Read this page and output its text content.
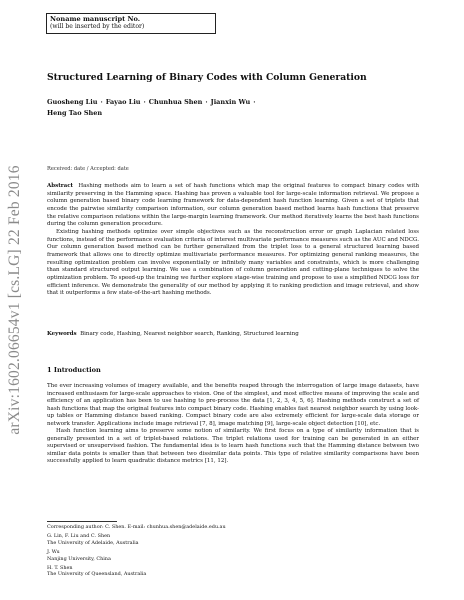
arXiv:1602.06654v1 [cs.LG] 22 Feb 2016
Noname manuscript No.
(will be inserted by the editor)
Structured Learning of Binary Codes with Column Generation
Guosheng Liu · Fayao Liu · Chunhua Shen · Jianxin Wu ·
Heng Tao Shen
Received: date / Accepted: date

Abstract Hashing methods aim to learn a set of hash functions which map the original features to compact binary codes with similarity preserving in the Hamming space. Hashing has proven a valuable tool for large-scale information retrieval. We propose a column generation based binary code learning framework for data-dependent hash function learning. Given a set of triplets that encode the pairwise similarity comparison information, our column generation based method learns hash functions that preserve the relative comparison relations within the large-margin learning framework. Our method iteratively learns the best hash functions during the column generation procedure.

Existing hashing methods optimize over simple objectives such as the reconstruction error or graph Laplacian related loss functions, instead of the performance evaluation criteria of interest multivariate performance measures such as the AUC and NDCG. Our column generation based method can be further generalized from the triplet loss to a general structured learning based framework that allows one to directly optimize multivariate performance measures. For optimizing general ranking measures, the resulting optimization problem can involve exponentially or infinitely many variables and constraints, which is more challenging than standard structured output learning. We use a combination of column generation and cutting-plane techniques to solve the optimization problem. To speed-up the training we further explore stage-wise training and propose to use a simplified NDCG loss for efficient inference. We demonstrate the generality of our method by applying it to ranking prediction and image retrieval, and show that it outperforms a few state-of-the-art hashing methods.

Keywords Binary code, Hashing, Nearest neighbor search, Ranking, Structured learning
1 Introduction

The ever increasing volumes of imagery available, and the benefits reaped through the interrogation of large image datasets, have increased enthusiasm for large-scale approaches to vision. One of the simplest, and most effective means of improving the scale and efficiency of an application has been to use hashing to pre-process the data [1, 2, 3, 4, 5, 6]. Hashing methods construct a set of hash functions that map the original features into compact binary code. Hashing enables fast nearest neighbor search by using look-up tables or Hamming distance based ranking. Compact binary code are also extremely efficient for large-scale data storage or network transfer. Applications include image retrieval [7, 8], image matching [9], large-scale object detection [10], etc.

Hash function learning aims to preserve some notion of similarity. We first focus on a type of similarity information that is generally presented in a set of triplet-based relations. The triplet relations used for training can be generated in an either supervised or unsupervised fashion. The fundamental idea is to learn hash functions such that the Hamming distance between two similar data points is smaller than that between two dissimilar data points. This type of relative similarity comparisons have been successfully applied to learn quadratic distance metrics [11, 12].

Corresponding author: C. Shen. E-mail: chunhua.shen@adelaide.edu.au
G. Lin, F. Liu and C. Shen
The University of Adelaide, Australia
J. Wu
Nanjing University, China
H. T. Shen
The University of Queensland, Australia
